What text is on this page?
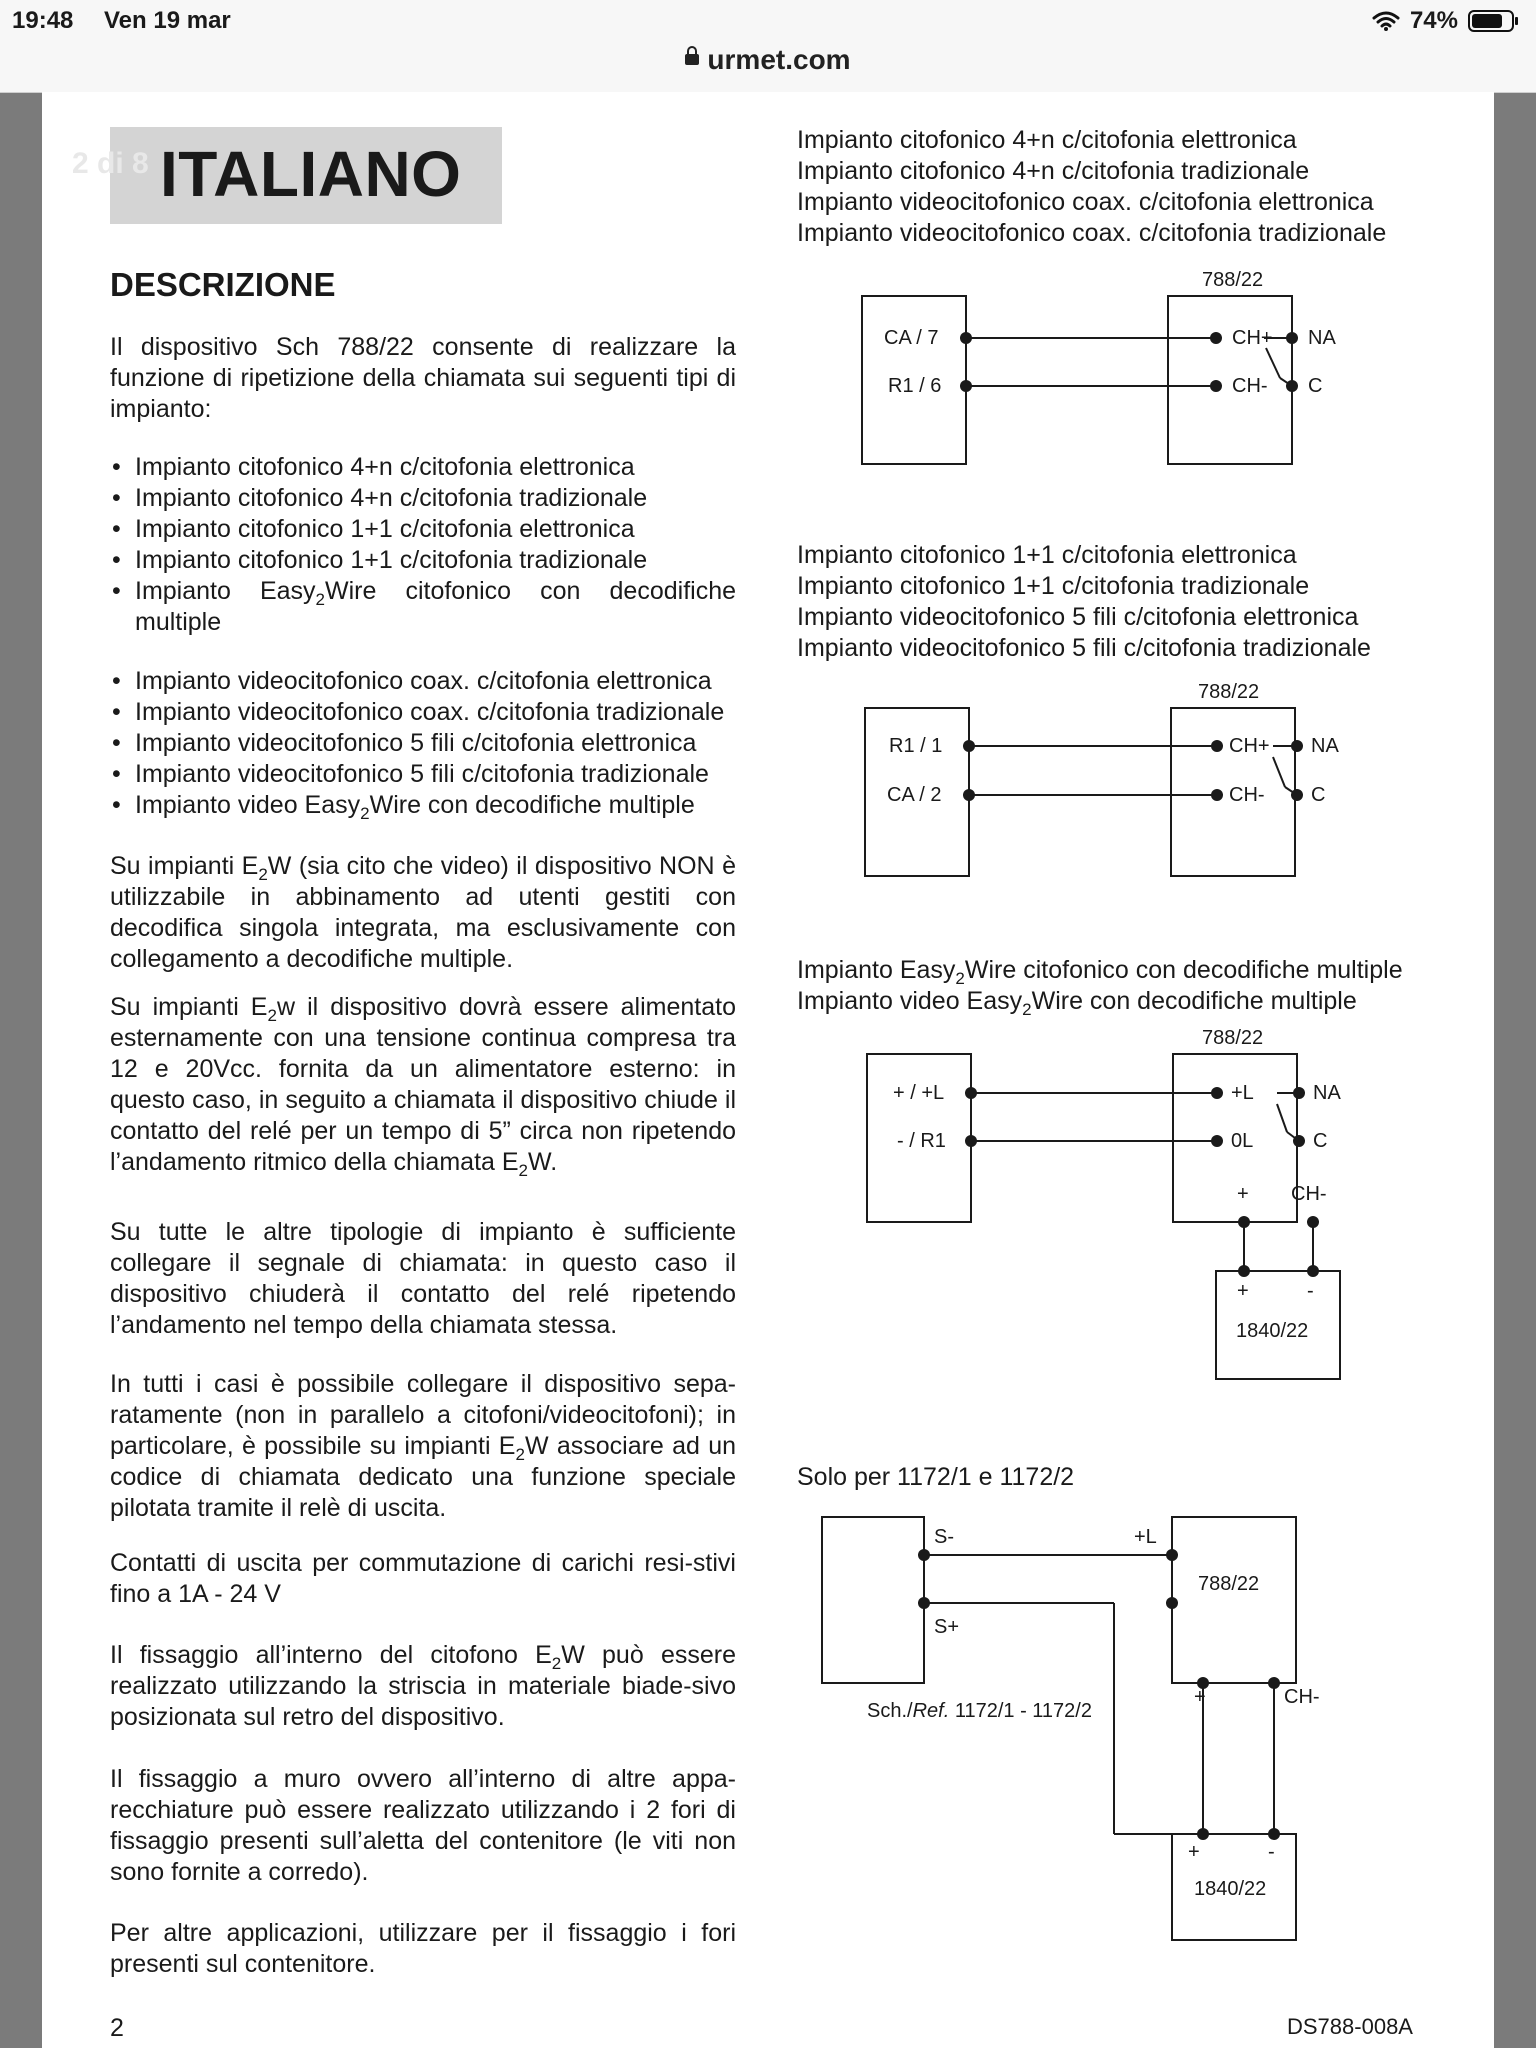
19:48 Ven 19 mar	74%
urmet.com
ITALIANO
2 di 8
DESCRIZIONE
Il dispositivo Sch 788/22 consente di realizzare la funzione di ripetizione della chiamata sui seguenti tipi di impianto:
• Impianto citofonico 4+n c/citofonia elettronica
• Impianto citofonico 4+n c/citofonia tradizionale
• Impianto citofonico 1+1 c/citofonia elettronica
• Impianto citofonico 1+1 c/citofonia tradizionale
• Impianto Easy$_2$Wire citofonico con decodifiche multiple
• Impianto videocitofonico coax. c/citofonia elettronica
• Impianto videocitofonico coax. c/citofonia tradizionale
• Impianto videocitofonico 5 fili c/citofonia elettronica
• Impianto videocitofonico 5 fili c/citofonia tradizionale
• Impianto video Easy$_2$Wire con decodifiche multiple
Su impianti $E_2W$ (sia cito che video) il dispositivo NON è utilizzabile in abbinamento ad utenti gestiti con decodifica singola integrata, ma esclusivamente con collegamento a decodifiche multiple.
Su impianti $E_2w$ il dispositivo dovrà essere alimentato esternamente con una tensione continua compresa tra 12 e 20Vcc. fornita da un alimentatore esterno: in questo caso, in seguito a chiamata il dispositivo chiude il contatto del relé per un tempo di 5” circa non ripetendo l’andamento ritmico della chiamata $E_2W$.
Su tutte le altre tipologie di impianto è sufficiente collegare il segnale di chiamata: in questo caso il dispositivo chiuderà il contatto del relé ripetendo l’andamento nel tempo della chiamata stessa.
In tutti i casi è possibile collegare il dispositivo sepa-ratamente (non in parallelo a citofoni/videocitofoni); in particolare, è possibile su impianti $E_2W$ associare ad un codice di chiamata dedicato una funzione speciale pilotata tramite il relè di uscita.
Contatti di uscita per commutazione di carichi resi-stivi fino a 1A - 24 V
Il fissaggio all’interno del citofono $E_2W$ può essere realizzato utilizzando la striscia in materiale biade-sivo posizionata sul retro del dispositivo.
Il fissaggio a muro ovvero all’interno di altre appa-recchiature può essere realizzato utilizzando i 2 fori di fissaggio presenti sull’aletta del contenitore (le viti non sono fornite a corredo).
Per altre applicazioni, utilizzare per il fissaggio i fori presenti sul contenitore.
Impianto citofonico 4+n c/citofonia elettronica
Impianto citofonico 4+n c/citofonia tradizionale
Impianto videocitofonico coax. c/citofonia elettronica
Impianto videocitofonico coax. c/citofonia tradizionale
788/22
CA / 7
R1 / 6
CH+
CH-
NA
C
Impianto citofonico 1+1 c/citofonia elettronica
Impianto citofonico 1+1 c/citofonia tradizionale
Impianto videocitofonico 5 fili c/citofonia elettronica
Impianto videocitofonico 5 fili c/citofonia tradizionale
788/22
R1 / 1
CA / 2
CH+
CH-
NA
C
Impianto Easy$_2$Wire citofonico con decodifiche multiple
Impianto video Easy$_2$Wire con decodifiche multiple
788/22
+ / +L
- / R1
+L
0L
NA
C
+ CH-
+	-
1840/22
Solo per 1172/1 e 1172/2
S-
S+
+L
788/22
+	CH-
+	-
1840/22
Sch./Ref. 1172/1 - 1172/2
2	DS788-008A
